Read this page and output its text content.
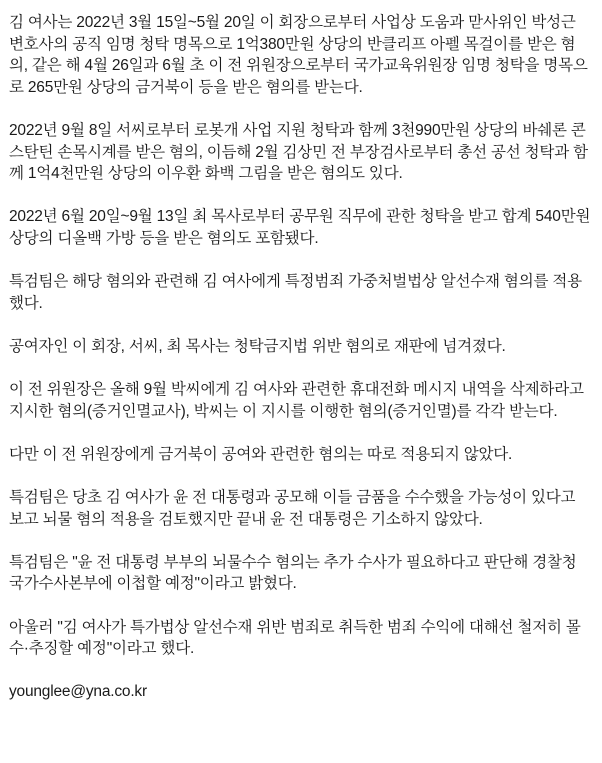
김 여사는 2022년 3월 15일~5월 20일 이 회장으로부터 사업상 도움과 맏사위인 박성근 변호사의 공직 임명 청탁 명목으로 1억380만원 상당의 반클리프 아펠 목걸이를 받은 혐의, 같은 해 4월 26일과 6월 초 이 전 위원장으로부터 국가교육위원장 임명 청탁을 명목으로 265만원 상당의 금거북이 등을 받은 혐의를 받는다.

2022년 9월 8일 서씨로부터 로봇개 사업 지원 청탁과 함께 3천990만원 상당의 바쉐론 콘스탄틴 손목시계를 받은 혐의, 이듬해 2월 김상민 전 부장검사로부터 총선 공선 청탁과 함께 1억4천만원 상당의 이우환 화백 그림을 받은 혐의도 있다.

2022년 6월 20일~9월 13일 최 목사로부터 공무원 직무에 관한 청탁을 받고 합계 540만원 상당의 디올백 가방 등을 받은 혐의도 포함됐다.

특검팀은 해당 혐의와 관련해 김 여사에게 특정범죄 가중처벌법상 알선수재 혐의를 적용했다.

공여자인 이 회장, 서씨, 최 목사는 청탁금지법 위반 혐의로 재판에 넘겨졌다.

이 전 위원장은 올해 9월 박씨에게 김 여사와 관련한 휴대전화 메시지 내역을 삭제하라고 지시한 혐의(증거인멸교사), 박씨는 이 지시를 이행한 혐의(증거인멸)를 각각 받는다.

다만 이 전 위원장에게 금거북이 공여와 관련한 혐의는 따로 적용되지 않았다.

특검팀은 당초 김 여사가 윤 전 대통령과 공모해 이들 금품을 수수했을 가능성이 있다고 보고 뇌물 혐의 적용을 검토했지만 끝내 윤 전 대통령은 기소하지 않았다.

특검팀은 "윤 전 대통령 부부의 뇌물수수 혐의는 추가 수사가 필요하다고 판단해 경찰청 국가수사본부에 이첩할 예정"이라고 밝혔다.

아울러 "김 여사가 특가법상 알선수재 위반 범죄로 취득한 범죄 수익에 대해선 철저히 몰수·추징할 예정"이라고 했다.

younglee@yna.co.kr
